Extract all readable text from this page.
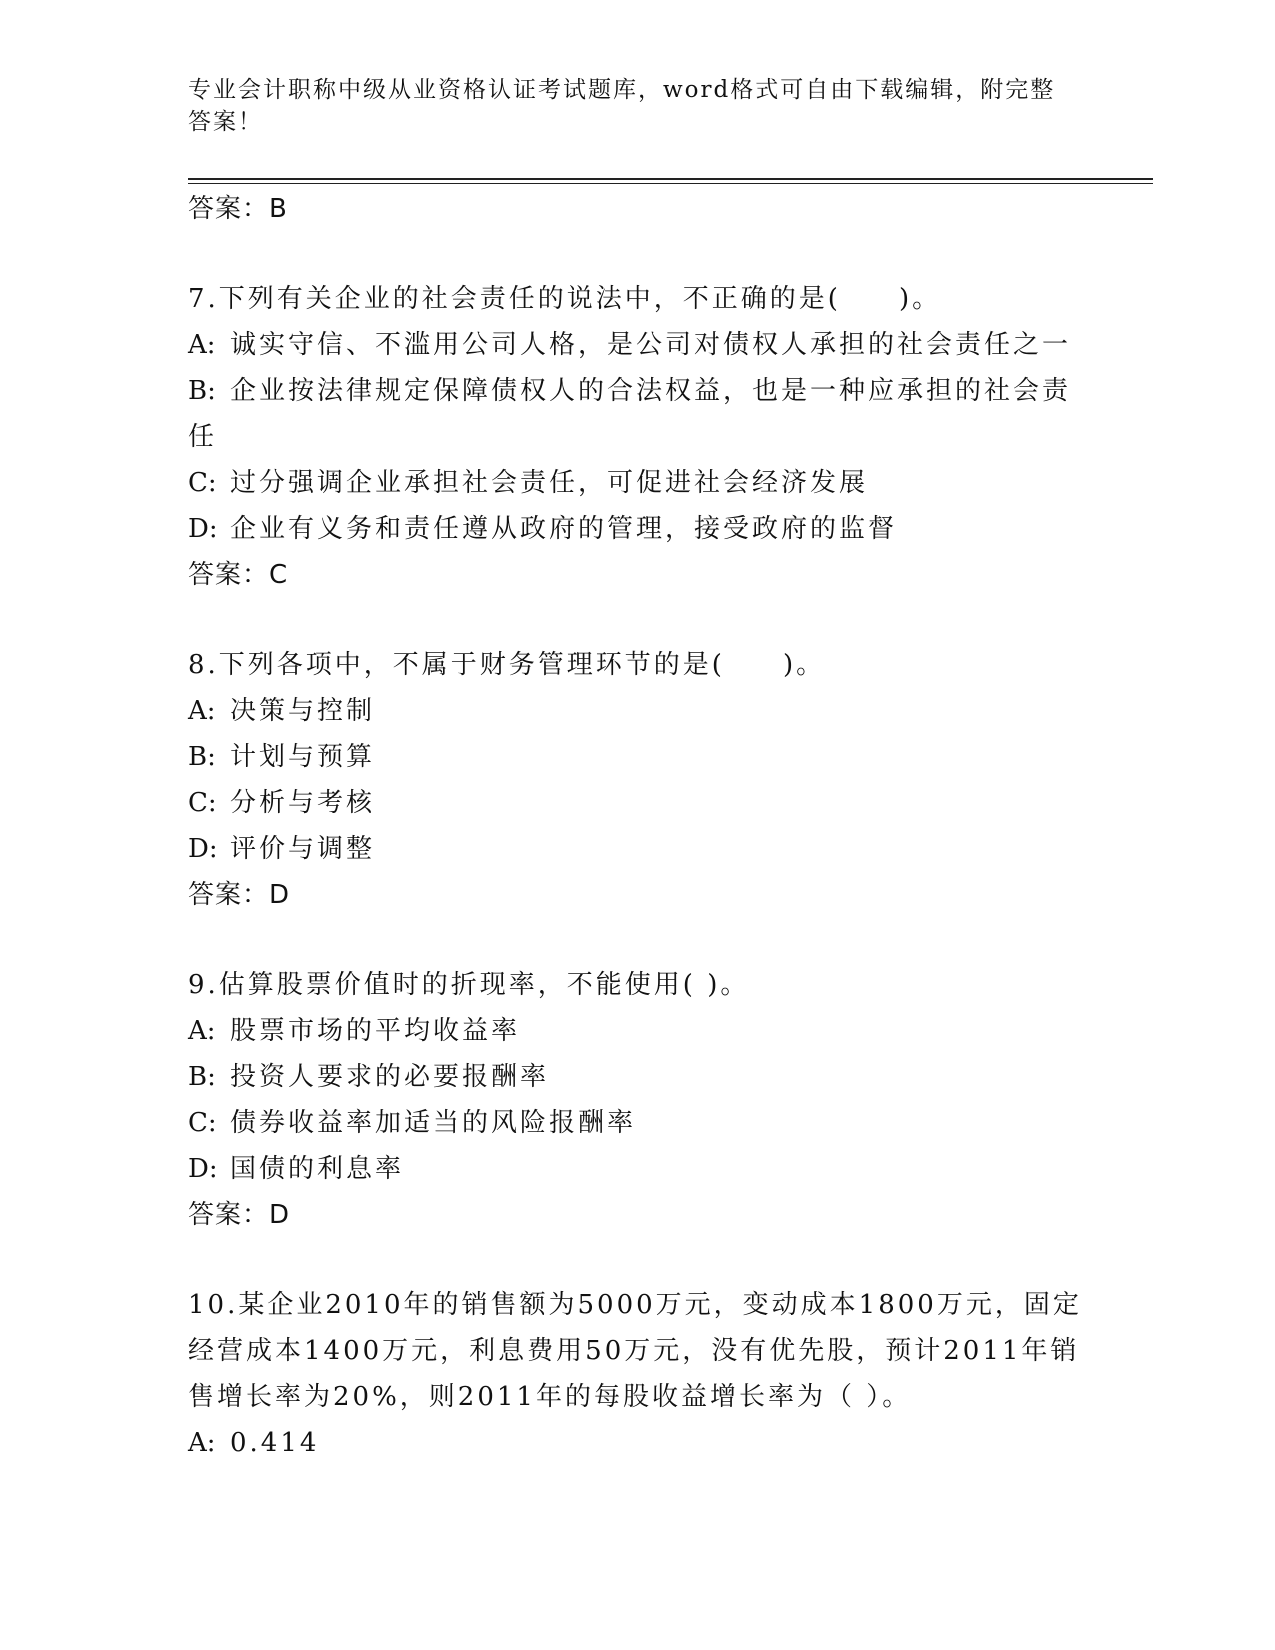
专业会计职称中级从业资格认证考试题库，word格式可自由下载编辑，附完整答案！
答案：B
7.下列有关企业的社会责任的说法中，不正确的是(　　)。
A: 诚实守信、不滥用公司人格，是公司对债权人承担的社会责任之一
B: 企业按法律规定保障债权人的合法权益，也是一种应承担的社会责任
C: 过分强调企业承担社会责任，可促进社会经济发展
D: 企业有义务和责任遵从政府的管理，接受政府的监督
答案：C
8.下列各项中，不属于财务管理环节的是(　　)。
A: 决策与控制
B: 计划与预算
C: 分析与考核
D: 评价与调整
答案：D
9.估算股票价值时的折现率，不能使用( )。
A: 股票市场的平均收益率
B: 投资人要求的必要报酬率
C: 债券收益率加适当的风险报酬率
D: 国债的利息率
答案：D
10.某企业2010年的销售额为5000万元，变动成本1800万元，固定经营成本1400万元，利息费用50万元，没有优先股，预计2011年销售增长率为20%，则2011年的每股收益增长率为（ ）。
A: 0.414
